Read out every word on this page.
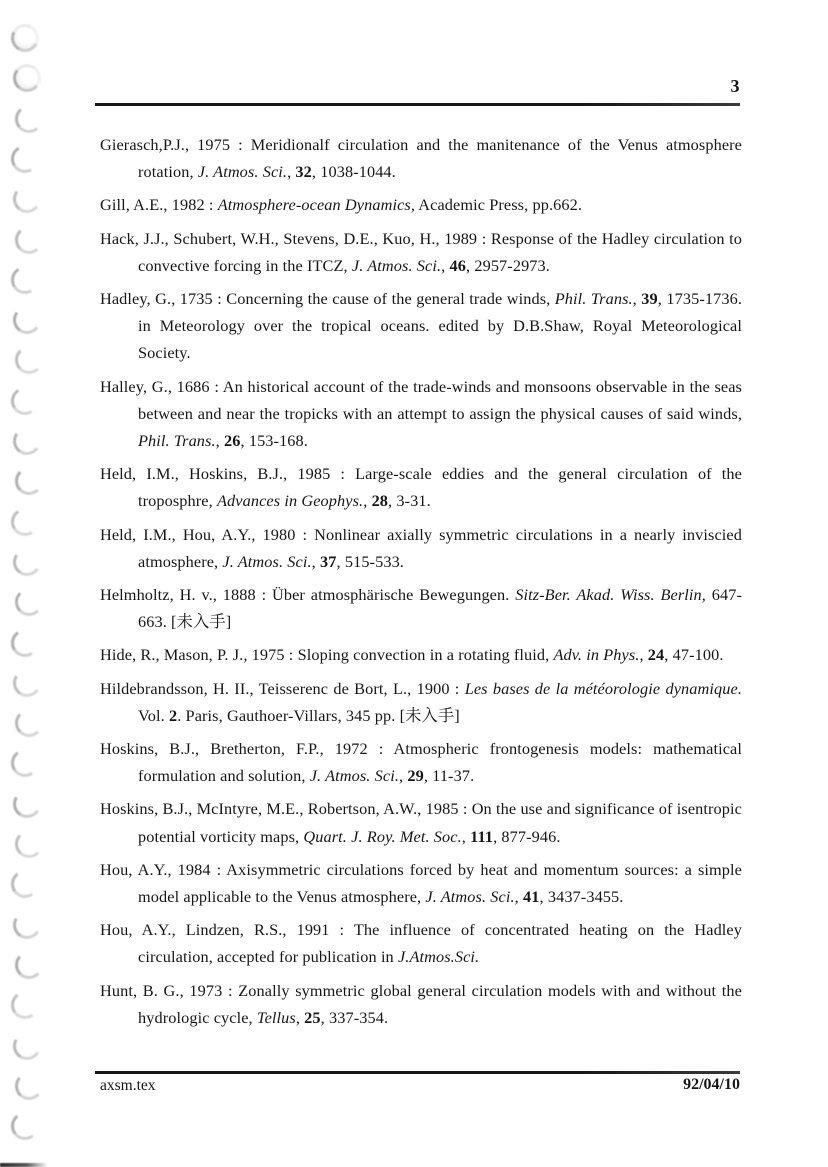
3

Gierasch,P.J., 1975 : Meridionalf circulation and the manitenance of the Venus atmosphere rotation, J. Atmos. Sci., 32, 1038-1044.

Gill, A.E., 1982 : Atmosphere-ocean Dynamics, Academic Press, pp.662.

Hack, J.J., Schubert, W.H., Stevens, D.E., Kuo, H., 1989 : Response of the Hadley circulation to convective forcing in the ITCZ, J. Atmos. Sci., 46, 2957-2973.

Hadley, G., 1735 : Concerning the cause of the general trade winds, Phil. Trans., 39, 1735-1736. in Meteorology over the tropical oceans. edited by D.B.Shaw, Royal Meteorological Society.

Halley, G., 1686 : An historical account of the trade-winds and monsoons observable in the seas between and near the tropicks with an attempt to assign the physical causes of said winds, Phil. Trans., 26, 153-168.

Held, I.M., Hoskins, B.J., 1985 : Large-scale eddies and the general circulation of the troposphre, Advances in Geophys., 28, 3-31.

Held, I.M., Hou, A.Y., 1980 : Nonlinear axially symmetric circulations in a nearly inviscied atmosphere, J. Atmos. Sci., 37, 515-533.

Helmholtz, H. v., 1888 : Über atmosphärische Bewegungen. Sitz-Ber. Akad. Wiss. Berlin, 647-663. [未入手]

Hide, R., Mason, P. J., 1975 : Sloping convection in a rotating fluid, Adv. in Phys., 24, 47-100.

Hildebrandsson, H. II., Teisserenc de Bort, L., 1900 : Les bases de la météorologie dynamique. Vol. 2. Paris, Gauthoer-Villars, 345 pp. [未入手]

Hoskins, B.J., Bretherton, F.P., 1972 : Atmospheric frontogenesis models: mathematical formulation and solution, J. Atmos. Sci., 29, 11-37.

Hoskins, B.J., McIntyre, M.E., Robertson, A.W., 1985 : On the use and significance of isentropic potential vorticity maps, Quart. J. Roy. Met. Soc., 111, 877-946.

Hou, A.Y., 1984 : Axisymmetric circulations forced by heat and momentum sources: a simple model applicable to the Venus atmosphere, J. Atmos. Sci., 41, 3437-3455.

Hou, A.Y., Lindzen, R.S., 1991 : The influence of concentrated heating on the Hadley circulation, accepted for publication in J.Atmos.Sci.

Hunt, B. G., 1973 : Zonally symmetric global general circulation models with and without the hydrologic cycle, Tellus, 25, 337-354.

axsm.tex	92/04/10
